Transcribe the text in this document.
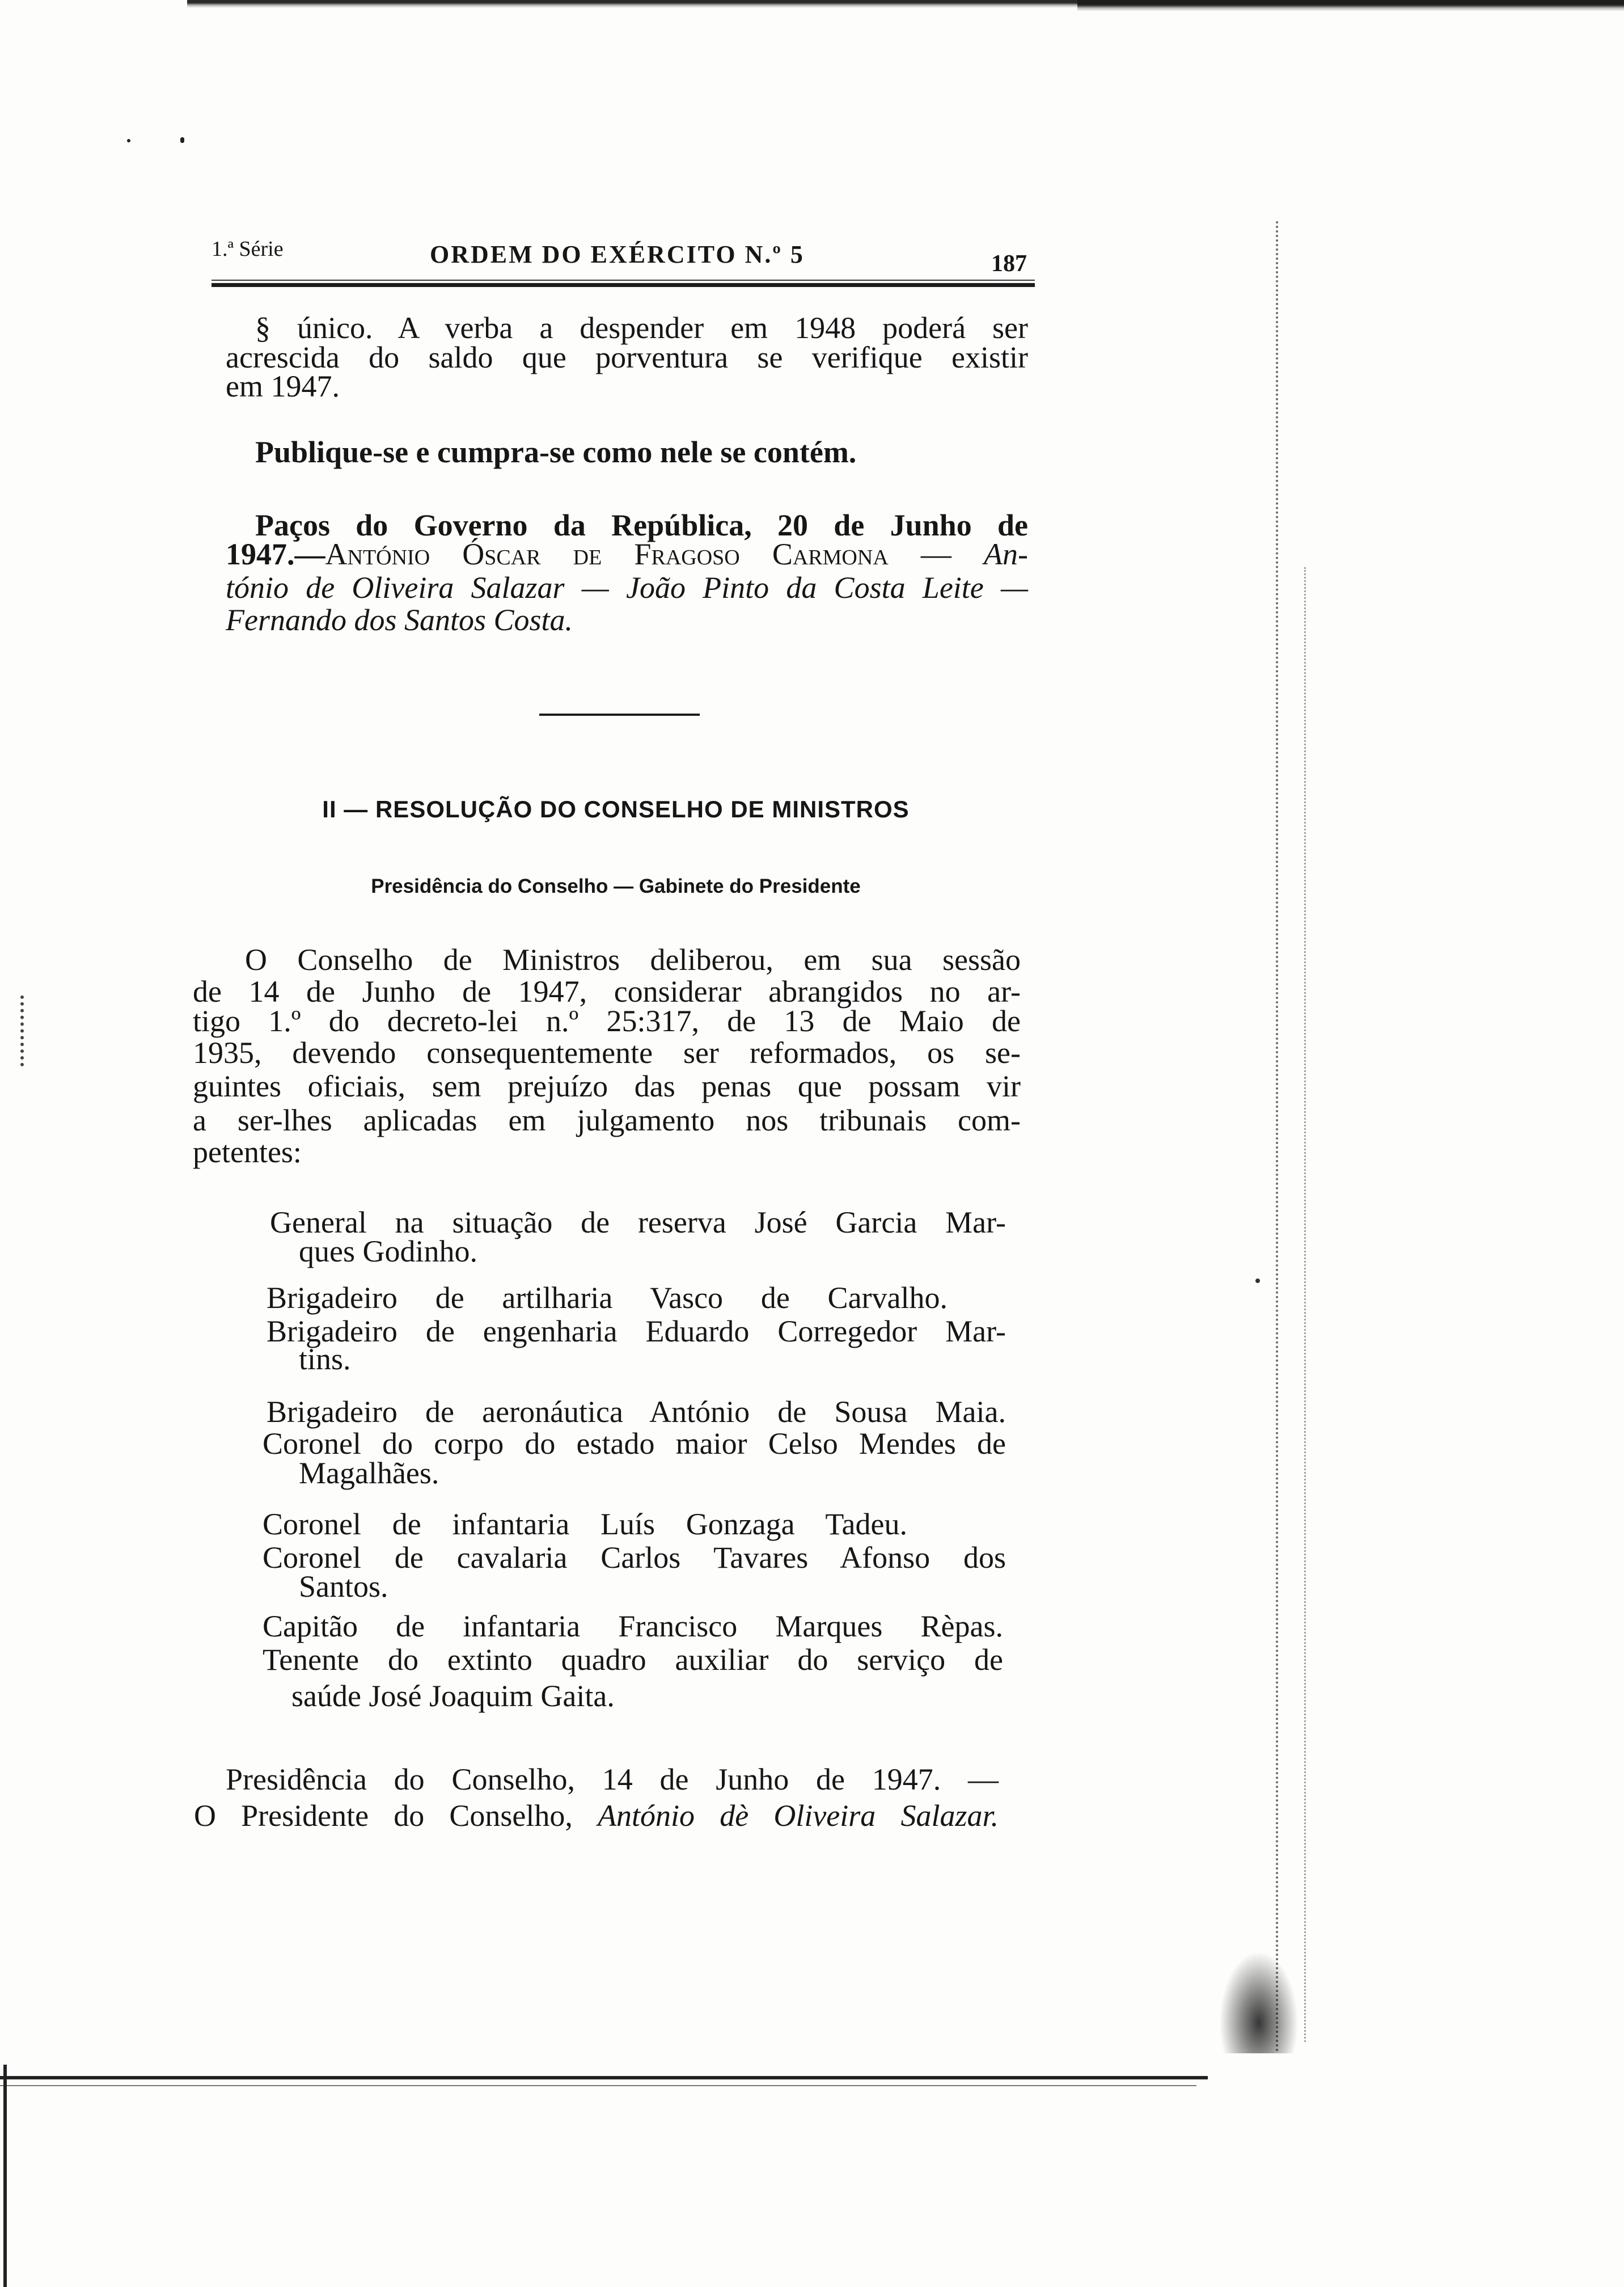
1.ª Série	ORDEM DO EXÉRCITO N.º 5	187
§ único. A verba a despender em 1948 poderá ser
acrescida do saldo que porventura se verifique existir
em 1947.
Publique-se e cumpra-se como nele se contém.
Paços do Governo da República, 20 de Junho de
1947.—António Óscar de Fragoso Carmona — An-
tónio de Oliveira Salazar — João Pinto da Costa Leite —
Fernando dos Santos Costa.
II — RESOLUÇÃO DO CONSELHO DE MINISTROS
Presidência do Conselho — Gabinete do Presidente
O Conselho de Ministros deliberou, em sua sessão
de 14 de Junho de 1947, considerar abrangidos no ar-
tigo 1.º do decreto-lei n.º 25:317, de 13 de Maio de
1935, devendo consequentemente ser reformados, os se-
guintes oficiais, sem prejuízo das penas que possam vir
a ser-lhes aplicadas em julgamento nos tribunais com-
petentes:
General na situação de reserva José Garcia Mar-
ques Godinho.
Brigadeiro de artilharia Vasco de Carvalho.
Brigadeiro de engenharia Eduardo Corregedor Mar-
tins.
Brigadeiro de aeronáutica António de Sousa Maia.
Coronel do corpo do estado maior Celso Mendes de
Magalhães.
Coronel de infantaria Luís Gonzaga Tadeu.
Coronel de cavalaria Carlos Tavares Afonso dos
Santos.
Capitão de infantaria Francisco Marques Rèpas.
Tenente do extinto quadro auxiliar do serviço de
saúde José Joaquim Gaita.
Presidência do Conselho, 14 de Junho de 1947. —
O Presidente do Conselho, António dè Oliveira Salazar.
